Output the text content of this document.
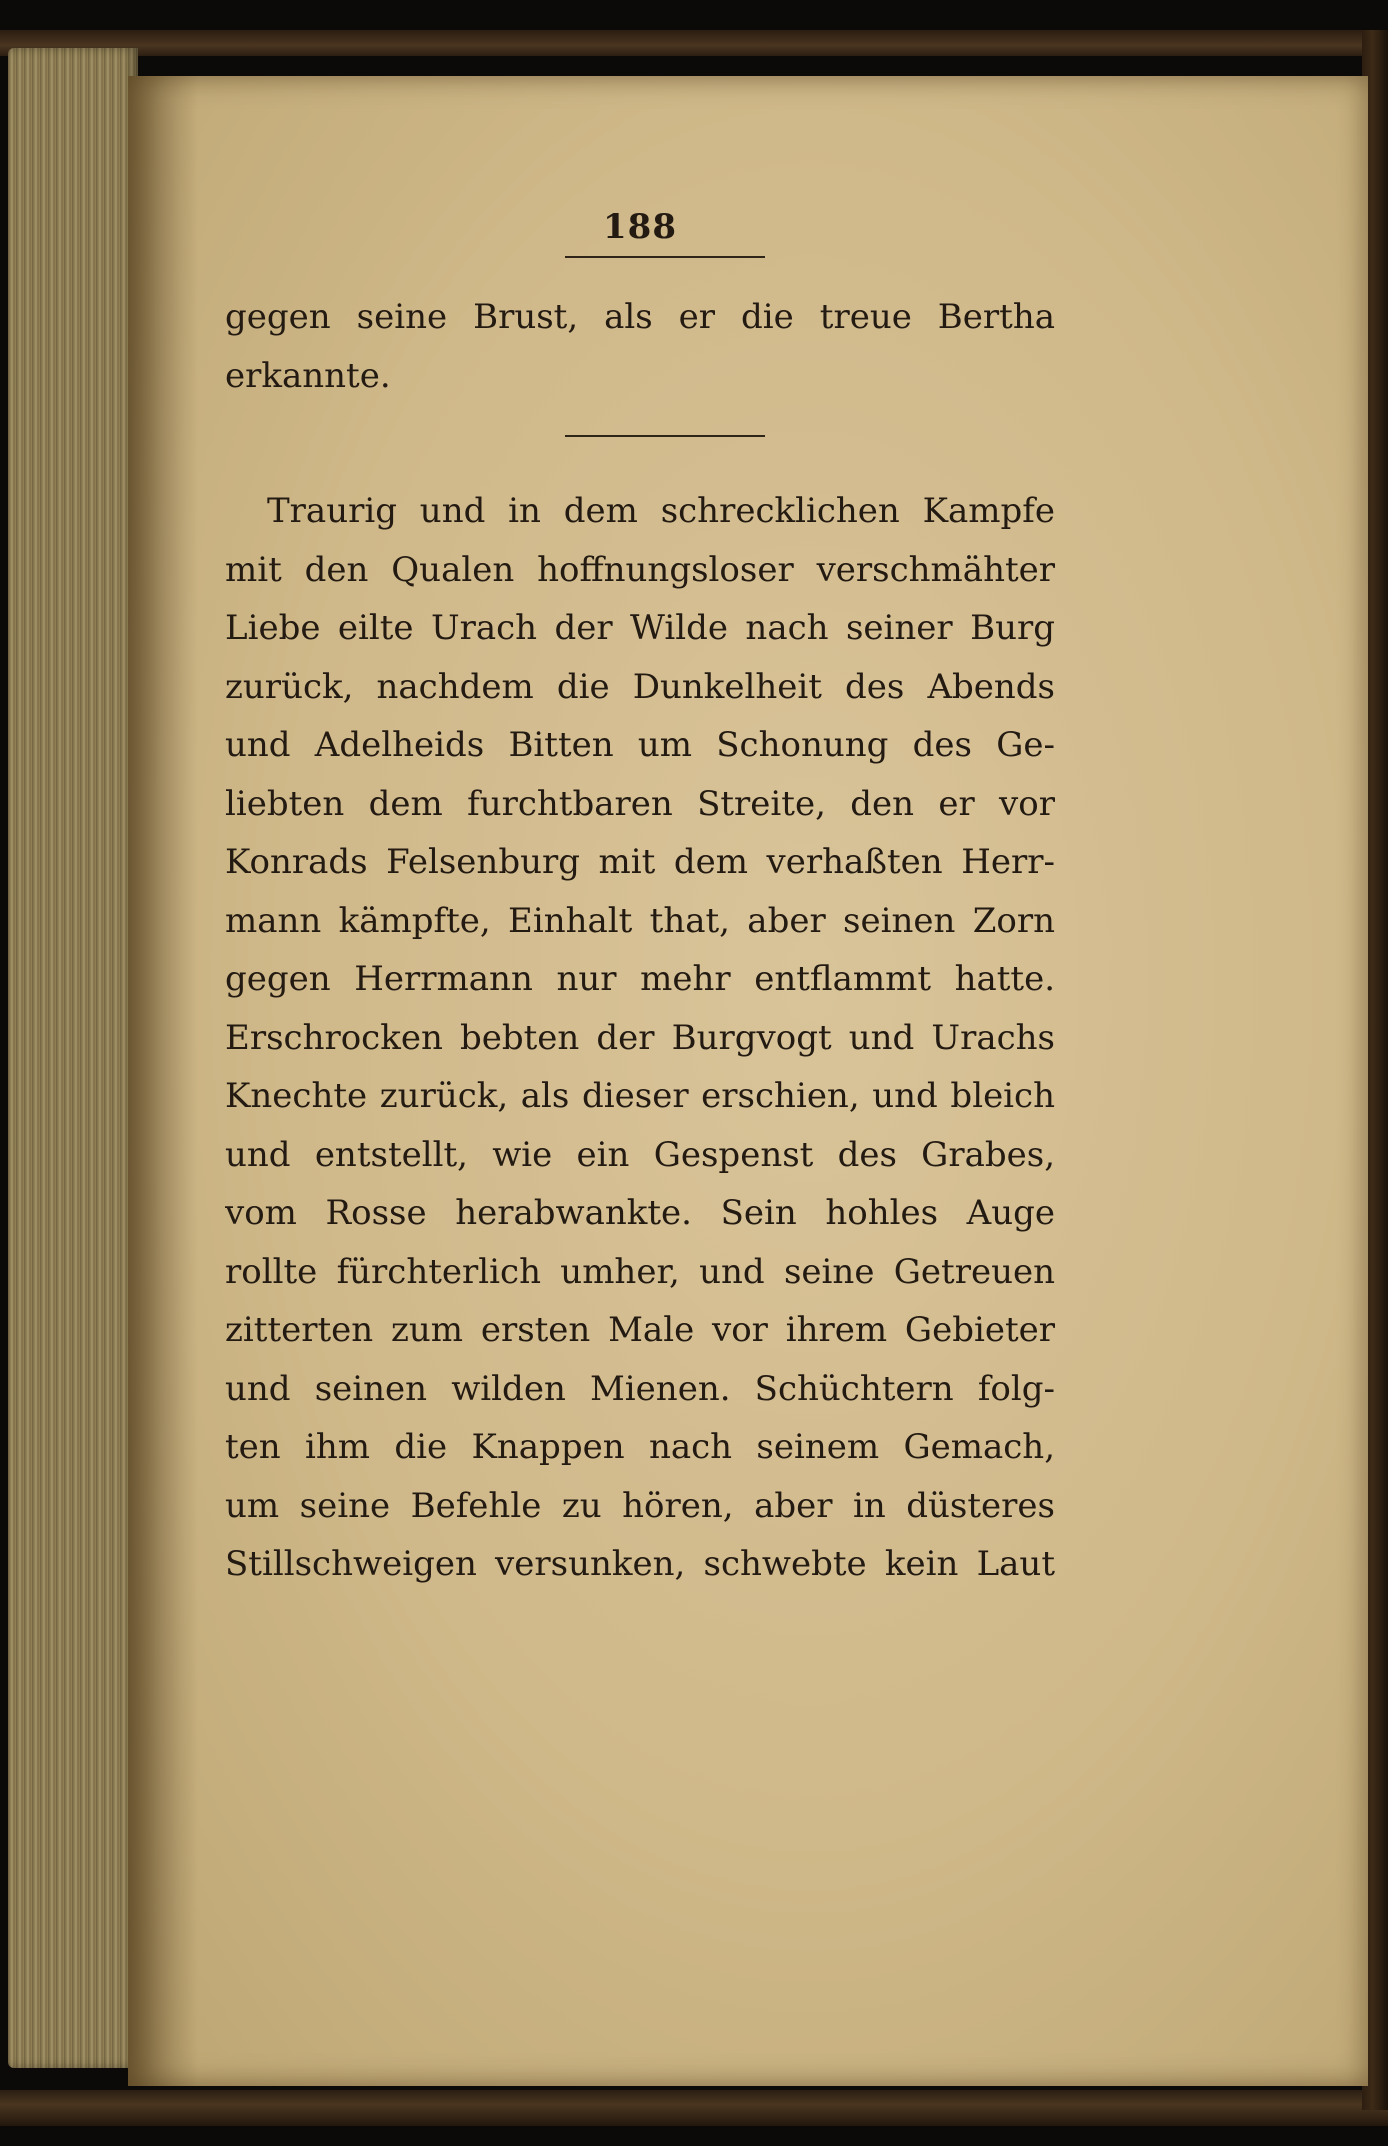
188
gegen seine Brust, als er die treue Bertha
erkannte.
Traurig und in dem schrecklichen Kampfe
mit den Qualen hoffnungsloser verschmähter
Liebe eilte Urach der Wilde nach seiner Burg
zurück, nachdem die Dunkelheit des Abends
und Adelheids Bitten um Schonung des Ge-
liebten dem furchtbaren Streite, den er vor
Konrads Felsenburg mit dem verhaßten Herr-
mann kämpfte, Einhalt that, aber seinen Zorn
gegen Herrmann nur mehr entflammt hatte.
Erschrocken bebten der Burgvogt und Urachs
Knechte zurück, als dieser erschien, und bleich
und entstellt, wie ein Gespenst des Grabes,
vom Rosse herabwankte. Sein hohles Auge
rollte fürchterlich umher, und seine Getreuen
zitterten zum ersten Male vor ihrem Gebieter
und seinen wilden Mienen. Schüchtern folg-
ten ihm die Knappen nach seinem Gemach,
um seine Befehle zu hören, aber in düsteres
Stillschweigen versunken, schwebte kein Laut
